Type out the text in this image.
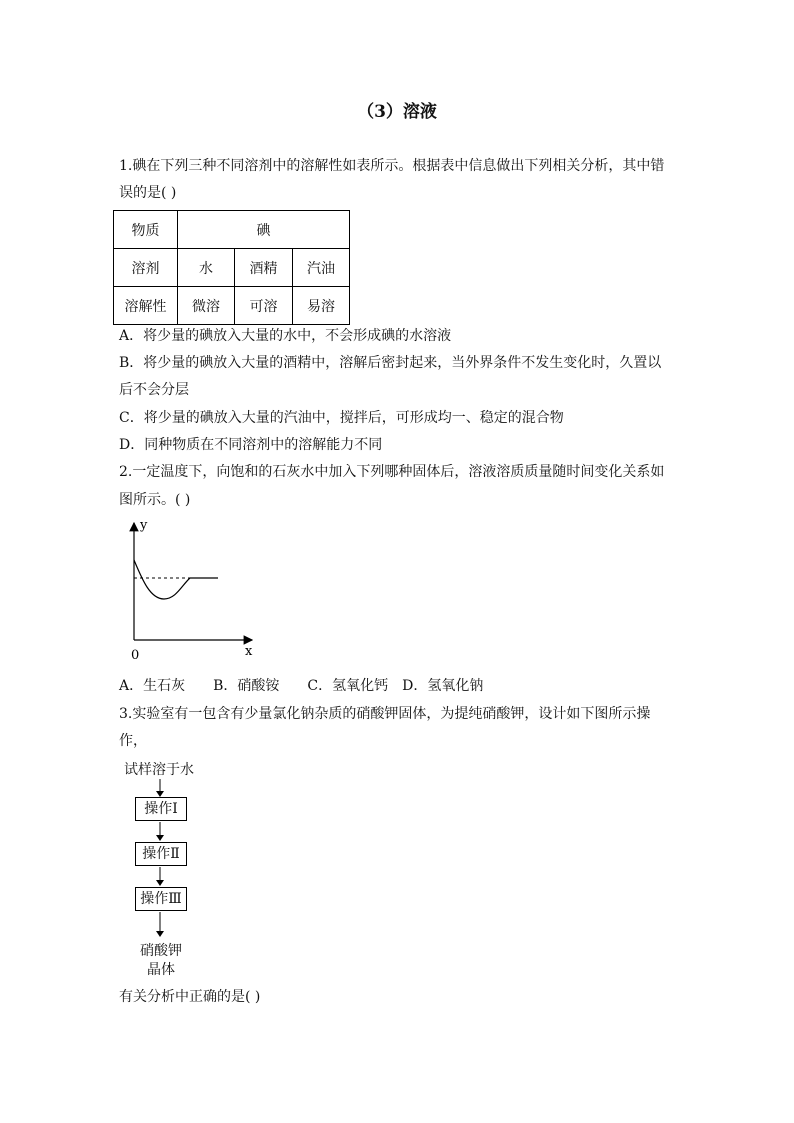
（3）溶液
1.碘在下列三种不同溶剂中的溶解性如表所示。根据表中信息做出下列相关分析，其中错
误的是( )
物质	碘		
溶剂	水	酒精	汽油
溶解性	微溶	可溶	易溶
A．将少量的碘放入大量的水中，不会形成碘的水溶液
B．将少量的碘放入大量的酒精中，溶解后密封起来，当外界条件不发生变化时，久置以
后不会分层
C．将少量的碘放入大量的汽油中，搅拌后，可形成均一、稳定的混合物
D．同种物质在不同溶剂中的溶解能力不同
2.一定温度下，向饱和的石灰水中加入下列哪种固体后，溶液溶质质量随时间变化关系如
图所示。( )
y
x
0
A．生石灰　　B．硝酸铵　　C．氢氧化钙　D．氢氧化钠
3.实验室有一包含有少量氯化钠杂质的硝酸钾固体，为提纯硝酸钾，设计如下图所示操
作，
试样溶于水
操作Ⅰ
操作Ⅱ
操作Ⅲ
硝酸钾
晶体
有关分析中正确的是( )
